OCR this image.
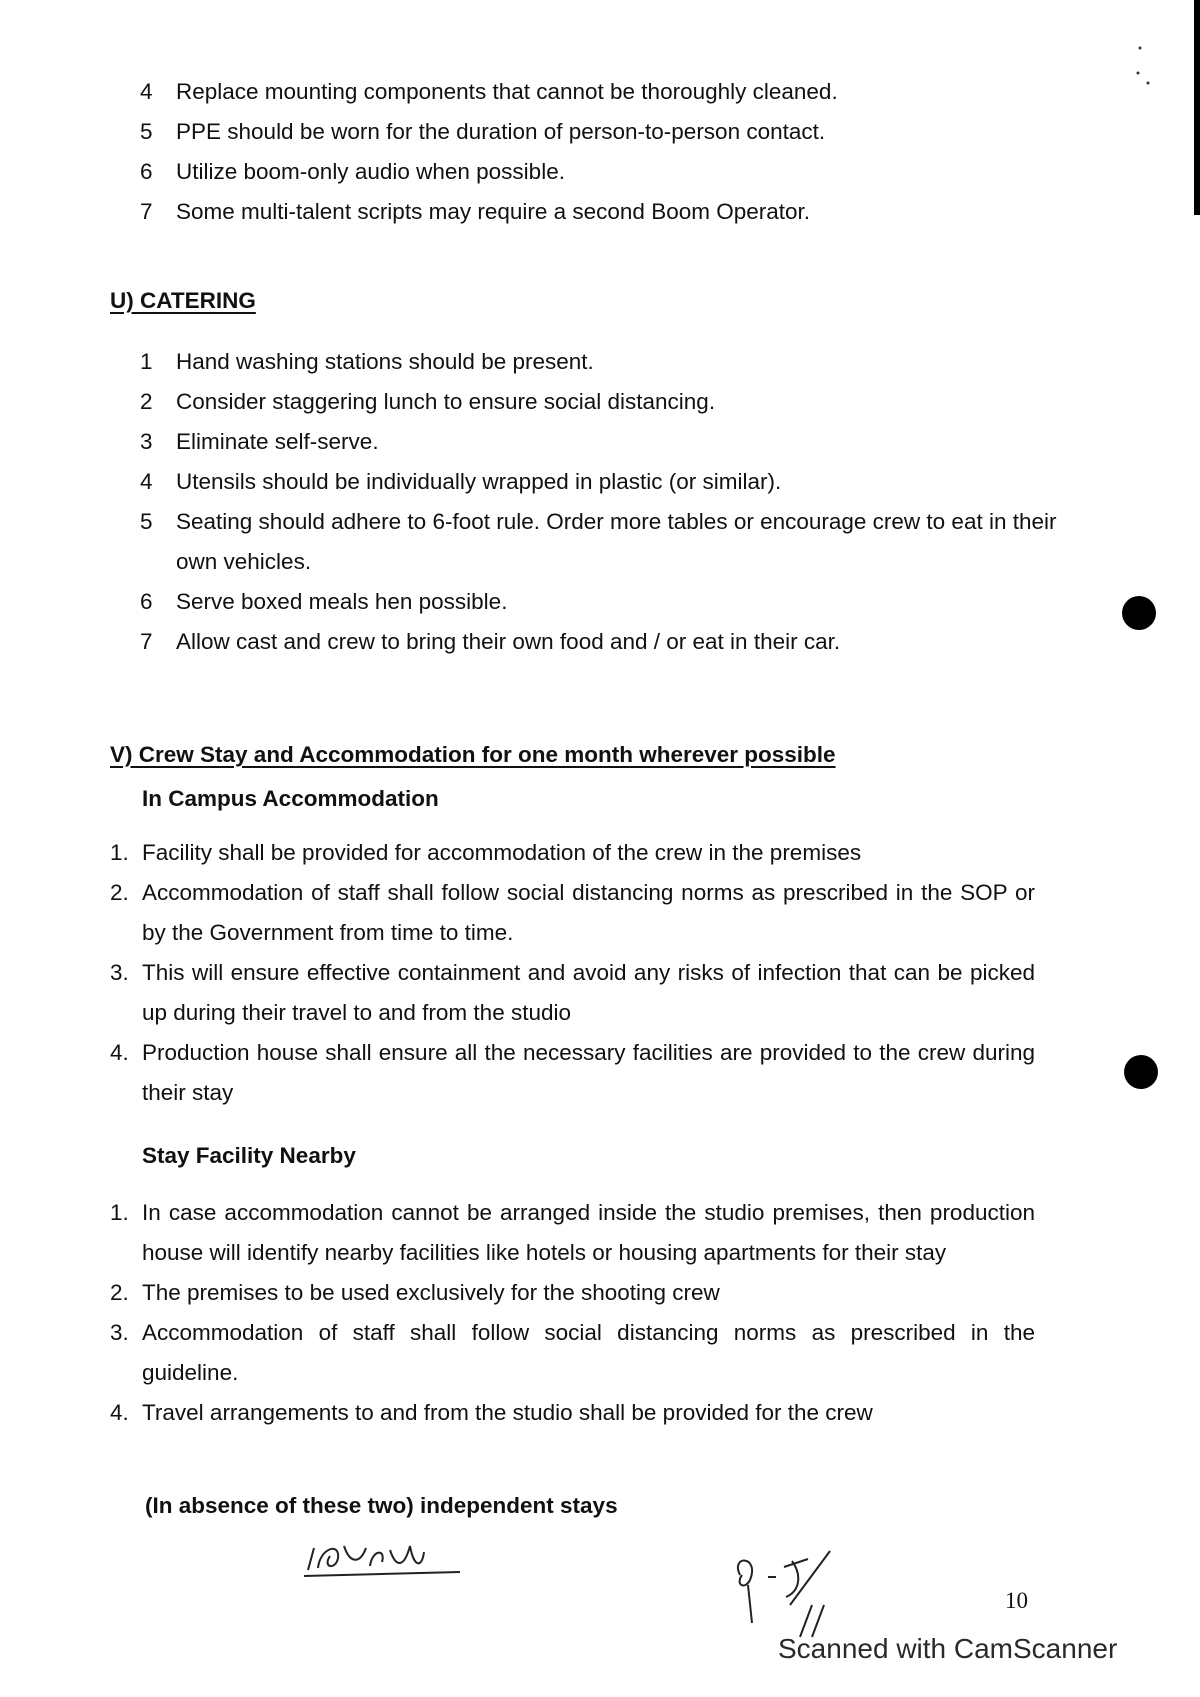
4	Replace mounting components that cannot be thoroughly cleaned.
5	PPE should be worn for the duration of person-to-person contact.
6	Utilize boom-only audio when possible.
7	Some multi-talent scripts may require a second Boom Operator.
U) CATERING
1	Hand washing stations should be present.
2	Consider staggering lunch to ensure social distancing.
3	Eliminate self-serve.
4	Utensils should be individually wrapped in plastic (or similar).
5	Seating should adhere to 6-foot rule. Order more tables or encourage crew to eat in their own vehicles.
6	Serve boxed meals hen possible.
7	Allow cast and crew to bring their own food and / or eat in their car.
V) Crew Stay and Accommodation for one month wherever possible
In Campus Accommodation
1. Facility shall be provided for accommodation of the crew in the premises
2. Accommodation of staff shall follow social distancing norms as prescribed in the SOP or by the Government from time to time.
3. This will ensure effective containment and avoid any risks of infection that can be picked up during their travel to and from the studio
4. Production house shall ensure all the necessary facilities are provided to the crew during their stay
Stay Facility Nearby
1. In case accommodation cannot be arranged inside the studio premises, then production house will identify nearby facilities like hotels or housing apartments for their stay
2. The premises to be used exclusively for the shooting crew
3. Accommodation of staff shall follow social distancing norms as prescribed in the guideline.
4. Travel arrangements to and from the studio shall be provided for the crew
(In absence of these two) independent stays
10
Scanned with CamScanner
